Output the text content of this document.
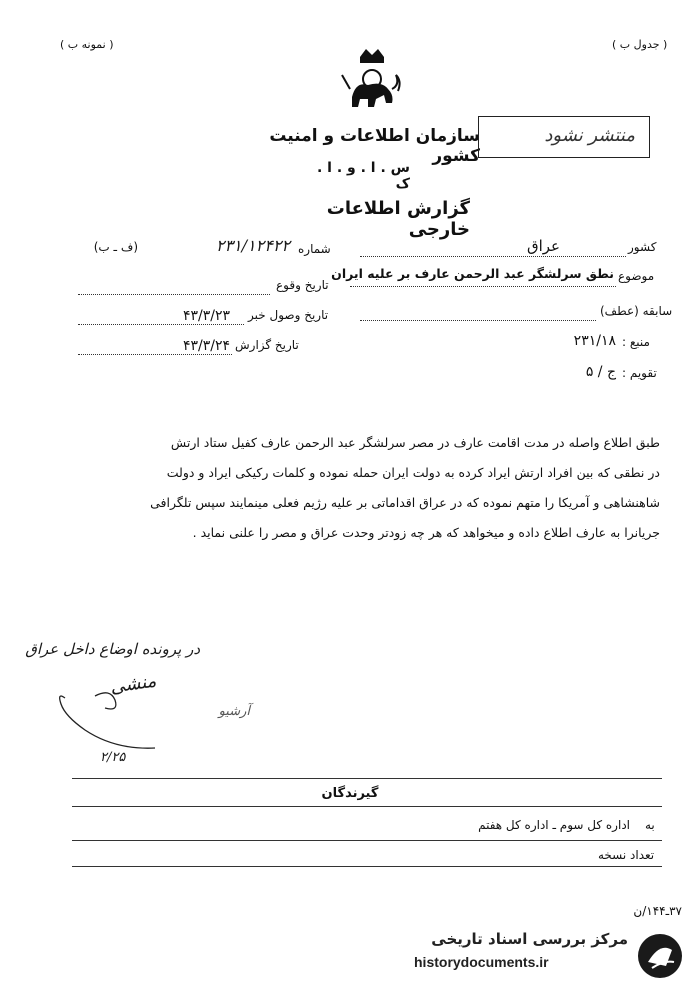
( نمونه ب )	( جدول ب )
سازمان اطلاعات و امنیت کشور
منتشر نشود
س . ا . و . ا . ک
گزارش اطلاعات خارجی
کشور
عراق
موضوع
نطق سرلشگر عبد الرحمن عارف بر علیه ایران
سابقه (عطف)
منبع :
۲۳۱/۱۸
تقویم :
ج / ۵
شماره
۲۳۱/۱۲۴۲۲
(ف ـ ب)
تاریخ وقوع
تاریخ وصول خبر
۴۳/۳/۲۳
تاریخ گزارش
۴۳/۳/۲۴
طبق اطلاع واصله در مدت اقامت عارف در مصر سرلشگر عبد الرحمن عارف کفیل ستاد ارتش
در نطقی که بین افراد ارتش ایراد کرده به دولت ایران حمله نموده و کلمات رکیکی ایراد و دولت
شاهنشاهی و آمریکا را متهم نموده که در عراق اقداماتی بر علیه رژیم فعلی مینمایند سپس تلگرافی
جریانرا به عارف اطلاع داده و میخواهد که هر چه زودتر وحدت عراق و مصر را علنی نماید .
در پرونده اوضاع داخل عراق
منشی
آرشیو
۲/۲۵
گیرندگان
به
اداره کل سوم ـ اداره کل هفتم
تعداد نسخه
۳۷ـ۱۴۴/ن
مرکز بررسی اسناد تاریخی
historydocuments.ir
